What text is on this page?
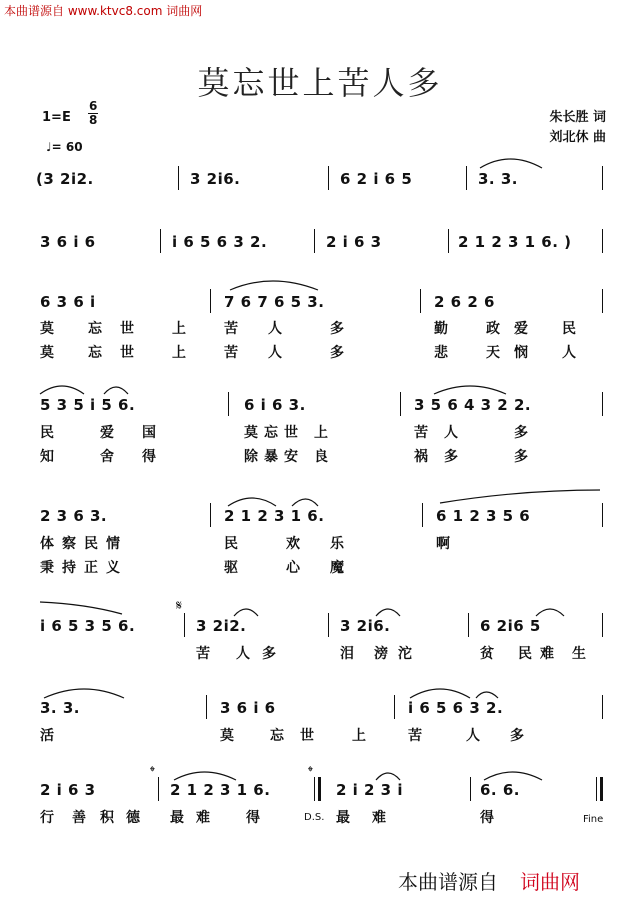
本曲谱源自 www.ktvc8.com 词曲网
莫忘世上苦人多
1=E
6
8
♩= 60
朱长胜 词
刘北休 曲
(3 2i2.	3 2i6.	6 2 i 6 5	3. 3.
3 6 i 6	i 6 5 6 3 2.	2 i 6 3	2 1 2 3 1 6. )
6 3 6 i	7 6 7 6 5 3.	2 6 2 6
5 3 5 i 5 6.	6 i 6 3.	3 5 6 4 3 2 2.
2 3 6 3.	2 1 2 3 1 6.	6 1 2 3 5 6
i 6 5 3 5 6.	3 2i2.	3 2i6.	6 2i6 5
3. 3.	3 6 i 6	i 6 5 6 3 2.
2 i 6 3	2 1 2 3 1 6.	2 i 2 3 i	6. 6.
莫 忘 世	上	苦 人	多	勤	政 爱 民
莫 忘 世	上	苦 人	多	悲	天 悯 人
民	爱 国	莫 忘 世 上	苦 人	多
知	舍 得	除 暴 安 良	祸 多	多
体 察 民 情	民	欢 乐	啊
秉 持 正 义	驱	心 魔
苦 人 多	泪 滂 沱	贫 民 难 生
活	莫	忘 世	上	苦	人 多
行 善 积 德 最 难	得	最 难	得
𝄋
𝄌	𝄌
D.S.	Fine
本曲谱源自 词曲网
